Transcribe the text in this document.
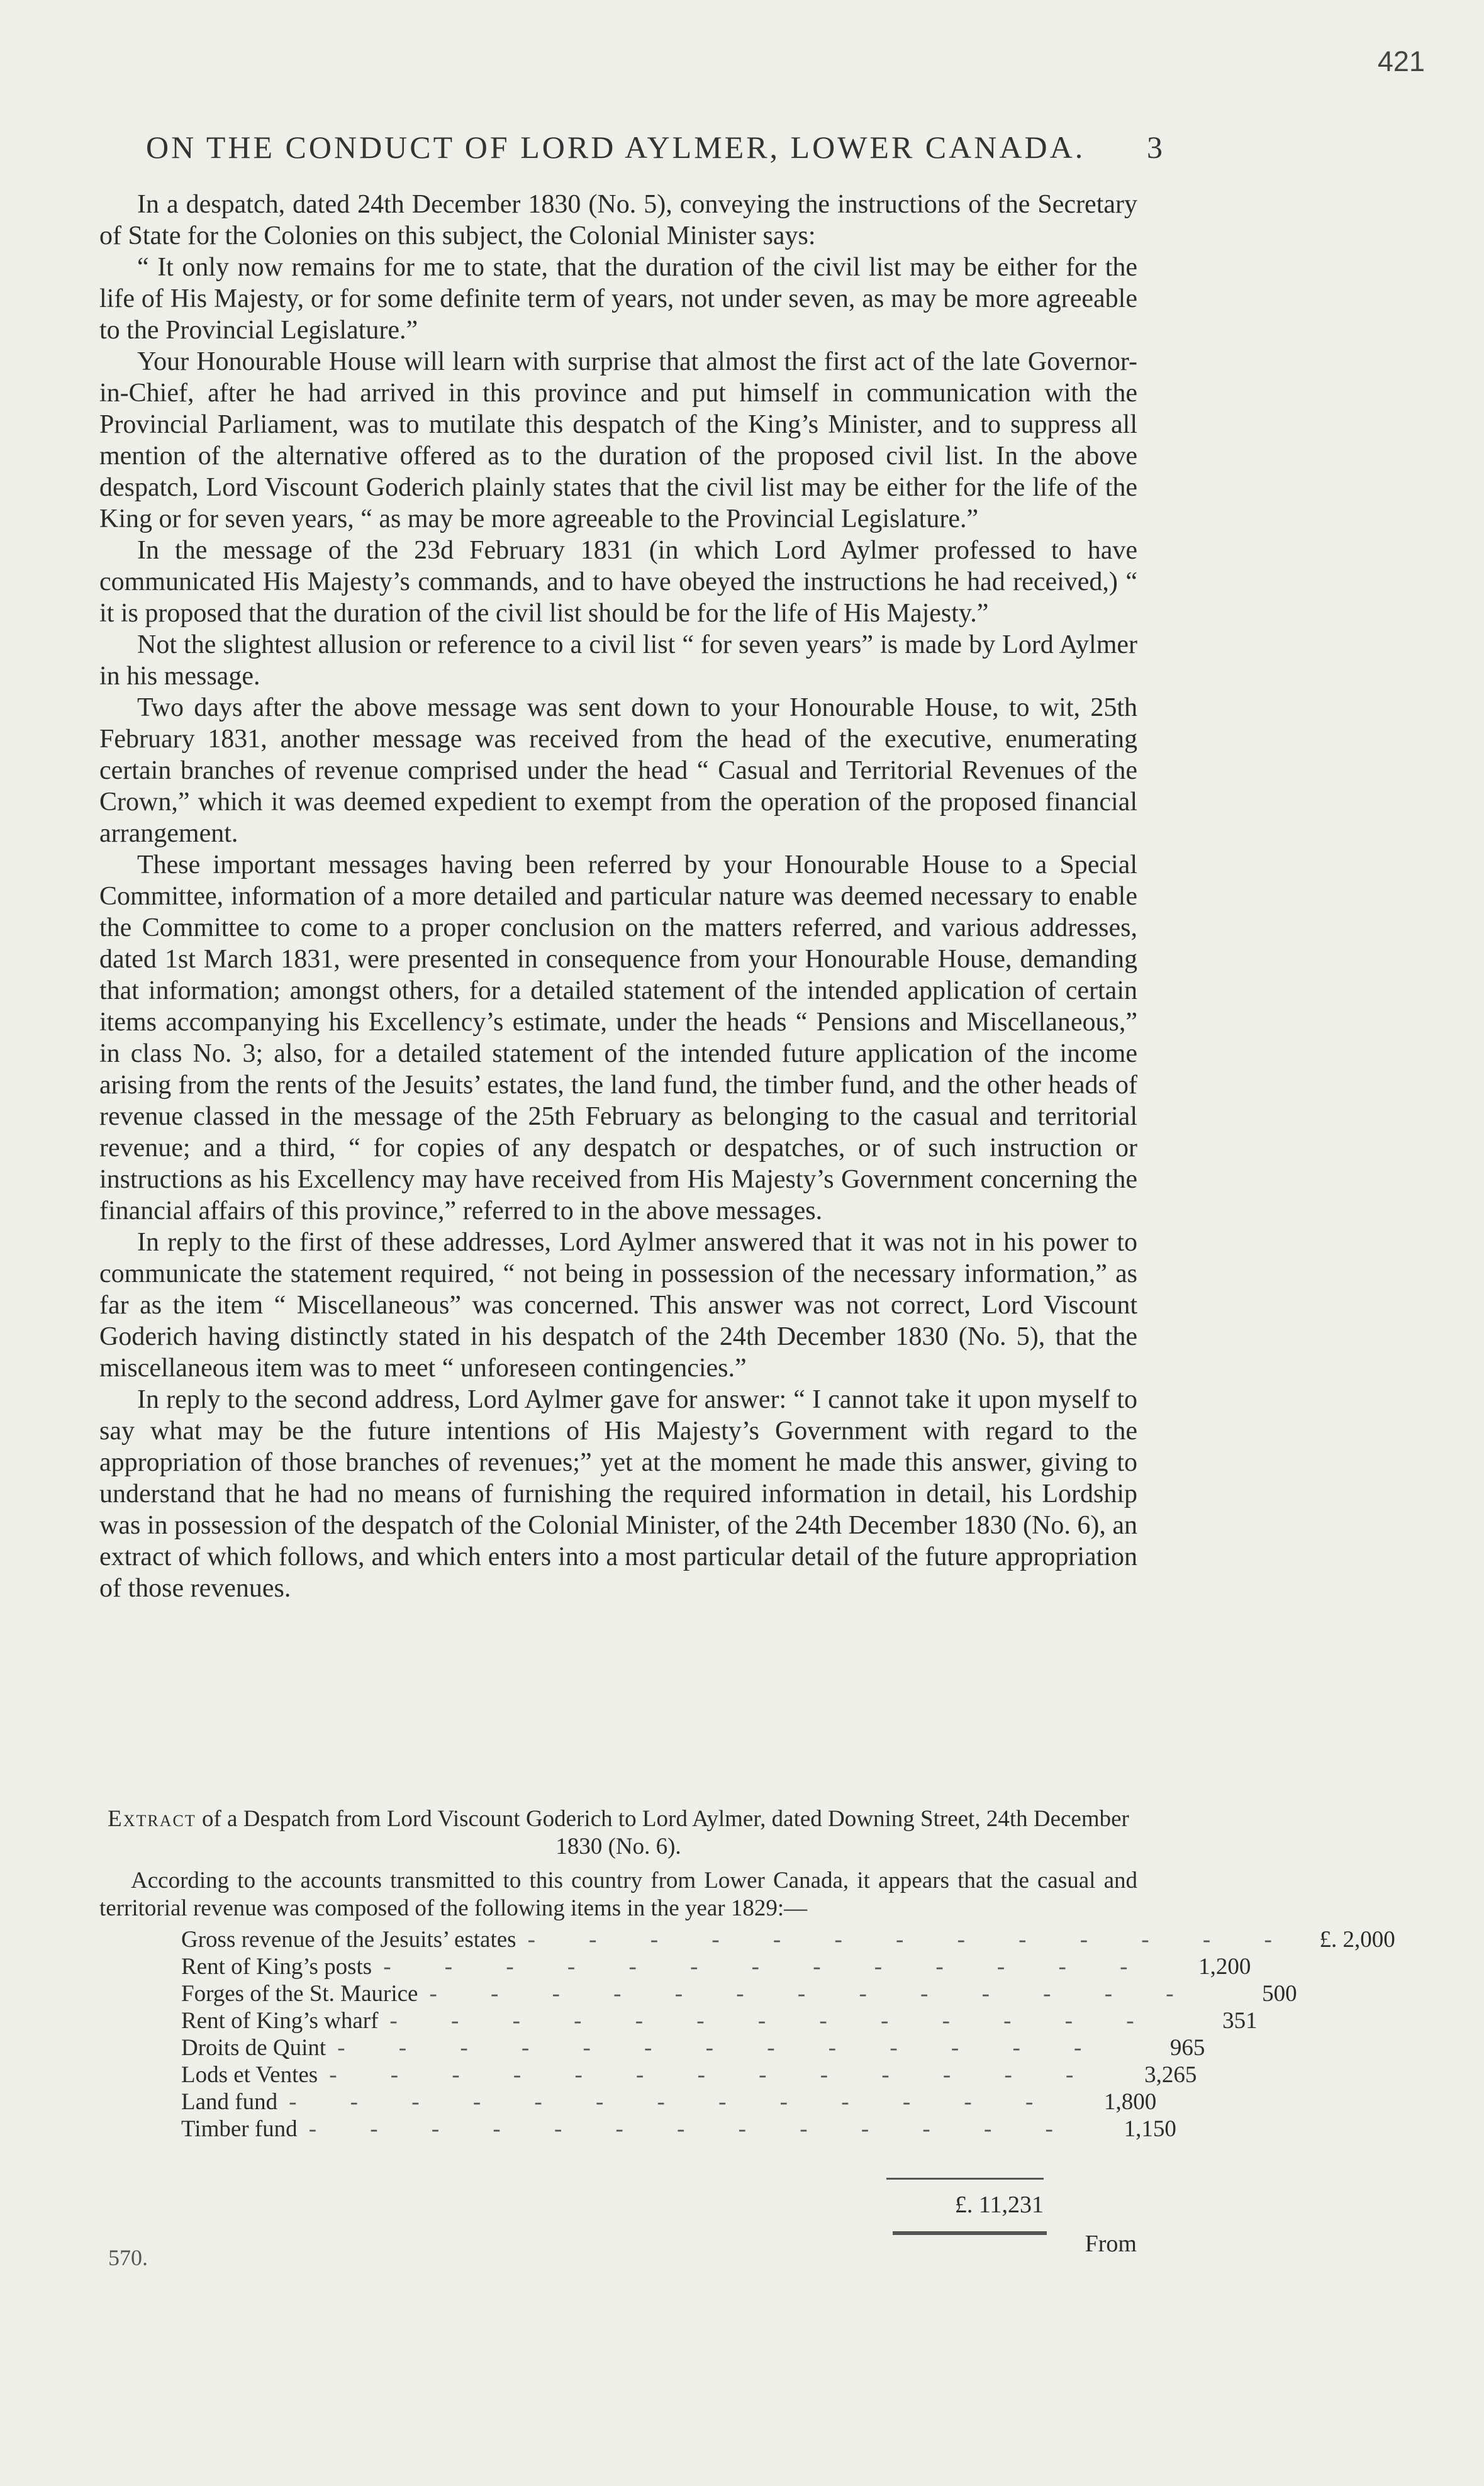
421
ON THE CONDUCT OF LORD AYLMER, LOWER CANADA. 3

In a despatch, dated 24th December 1830 (No. 5), conveying the instructions of the Secretary of State for the Colonies on this subject, the Colonial Minister says:

“ It only now remains for me to state, that the duration of the civil list may be either for the life of His Majesty, or for some definite term of years, not under seven, as may be more agreeable to the Provincial Legislature.”

Your Honourable House will learn with surprise that almost the first act of the late Governor-in-Chief, after he had arrived in this province and put himself in communication with the Provincial Parliament, was to mutilate this despatch of the King’s Minister, and to suppress all mention of the alternative offered as to the duration of the proposed civil list. In the above despatch, Lord Viscount Goderich plainly states that the civil list may be either for the life of the King or for seven years, “ as may be more agreeable to the Provincial Legislature.”

In the message of the 23d February 1831 (in which Lord Aylmer professed to have communicated His Majesty’s commands, and to have obeyed the instructions he had received,) “ it is proposed that the duration of the civil list should be for the life of His Majesty.”

Not the slightest allusion or reference to a civil list “ for seven years” is made by Lord Aylmer in his message.

Two days after the above message was sent down to your Honourable House, to wit, 25th February 1831, another message was received from the head of the executive, enumerating certain branches of revenue comprised under the head “ Casual and Territorial Revenues of the Crown,” which it was deemed expedient to exempt from the operation of the proposed financial arrangement.

These important messages having been referred by your Honourable House to a Special Committee, information of a more detailed and particular nature was deemed necessary to enable the Committee to come to a proper conclusion on the matters referred, and various addresses, dated 1st March 1831, were presented in consequence from your Honourable House, demanding that information; amongst others, for a detailed statement of the intended application of certain items accompanying his Excellency’s estimate, under the heads “ Pensions and Miscellaneous,” in class No. 3; also, for a detailed statement of the intended future application of the income arising from the rents of the Jesuits’ estates, the land fund, the timber fund, and the other heads of revenue classed in the message of the 25th February as belonging to the casual and territorial revenue; and a third, “ for copies of any despatch or despatches, or of such instruction or instructions as his Excellency may have received from His Majesty’s Government concerning the financial affairs of this province,” referred to in the above messages.

In reply to the first of these addresses, Lord Aylmer answered that it was not in his power to communicate the statement required, “ not being in possession of the necessary information,” as far as the item “ Miscellaneous” was concerned. This answer was not correct, Lord Viscount Goderich having distinctly stated in his despatch of the 24th December 1830 (No. 5), that the miscellaneous item was to meet “ unforeseen contingencies.”

In reply to the second address, Lord Aylmer gave for answer: “ I cannot take it upon myself to say what may be the future intentions of His Majesty’s Government with regard to the appropriation of those branches of revenues;” yet at the moment he made this answer, giving to understand that he had no means of furnishing the required information in detail, his Lordship was in possession of the despatch of the Colonial Minister, of the 24th December 1830 (No. 6), an extract of which follows, and which enters into a most particular detail of the future appropriation of those revenues.

Extract of a Despatch from Lord Viscount Goderich to Lord Aylmer, dated Downing Street, 24th December 1830 (No. 6).

According to the accounts transmitted to this country from Lower Canada, it appears that the casual and territorial revenue was composed of the following items in the year 1829:—

Gross revenue of the Jesuits’ estates - - - - - - - - - - - - -	£. 2,000
Rent of King’s posts - - - - - - - - - - - - -	1,200
Forges of the St. Maurice - - - - - - - - - - - - -	500
Rent of King’s wharf - - - - - - - - - - - - -	351
Droits de Quint - - - - - - - - - - - - -	965
Lods et Ventes - - - - - - - - - - - - -	3,265
Land fund - - - - - - - - - - - - -	1,800
Timber fund - - - - - - - - - - - - -	1,150
£. 11,231
570.
From
